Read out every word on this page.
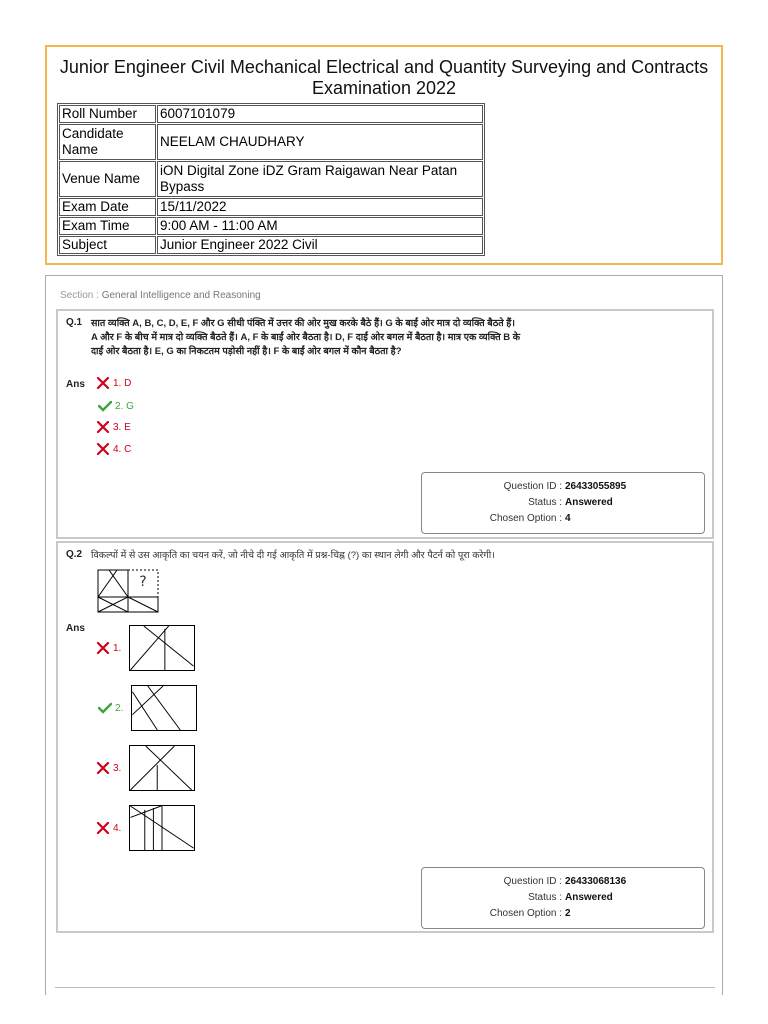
Junior Engineer Civil Mechanical Electrical and Quantity Surveying and Contracts Examination 2022
Roll Number	6007101079
Candidate Name	NEELAM CHAUDHARY
Venue Name	iON Digital Zone iDZ Gram Raigawan Near Patan Bypass
Exam Date	15/11/2022
Exam Time	9:00 AM - 11:00 AM
Subject	Junior Engineer 2022 Civil
Section : General Intelligence and Reasoning
Q.1 सात व्यक्ति A, B, C, D, E, F और G सीधी पंक्ति में उत्तर की ओर मुख करके बैठे हैं। G के बाईं ओर मात्र दो व्यक्ति बैठते हैं। A और F के बीच में मात्र दो व्यक्ति बैठते हैं। A, F के बाईं ओर बैठता है। D, F दाईं ओर बगल में बैठता है। मात्र एक व्यक्ति B के दाईं ओर बैठता है। E, G का निकटतम पड़ोसी नहीं है। F के बाईं ओर बगल में कौन बैठता है?
Ans	1. D
2. G
3. E
4. C
Question ID : 26433055895
Status : Answered
Chosen Option : 4
Q.2 विकल्पों में से उस आकृति का चयन करें, जो नीचे दी गई आकृति में प्रश्न-चिह्न (?) का स्थान लेगी और पैटर्न को पूरा करेगी।
?
Ans
1.
2.
3.
4.
Question ID : 26433068136
Status : Answered
Chosen Option : 2
